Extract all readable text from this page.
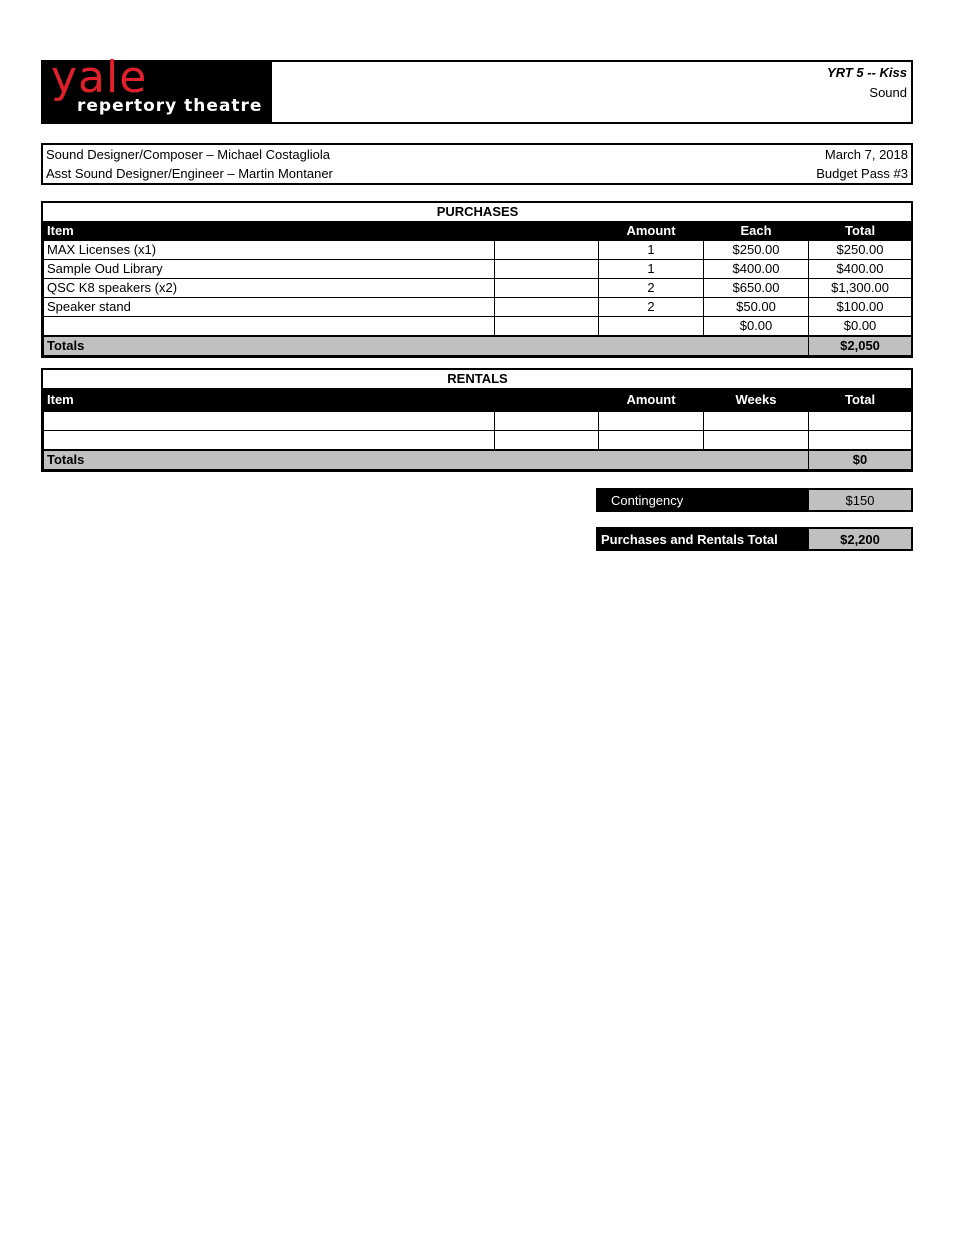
yale
repertory theatre
YRT 5 -- Kiss
Sound
Sound Designer/Composer – Michael Costagliola
Asst Sound Designer/Engineer – Martin Montaner
March 7, 2018
Budget Pass #3
PURCHASES				
Item		Amount	Each	Total
MAX Licenses (x1)		1	$250.00	$250.00
Sample Oud Library		1	$400.00	$400.00
QSC K8 speakers (x2)		2	$650.00	$1,300.00
Speaker stand		2	$50.00	$100.00
			$0.00	$0.00
Totals				$2,050
RENTALS				
Item		Amount	Weeks	Total

Totals				$0
Contingency	$150
Purchases and Rentals Total	$2,200
